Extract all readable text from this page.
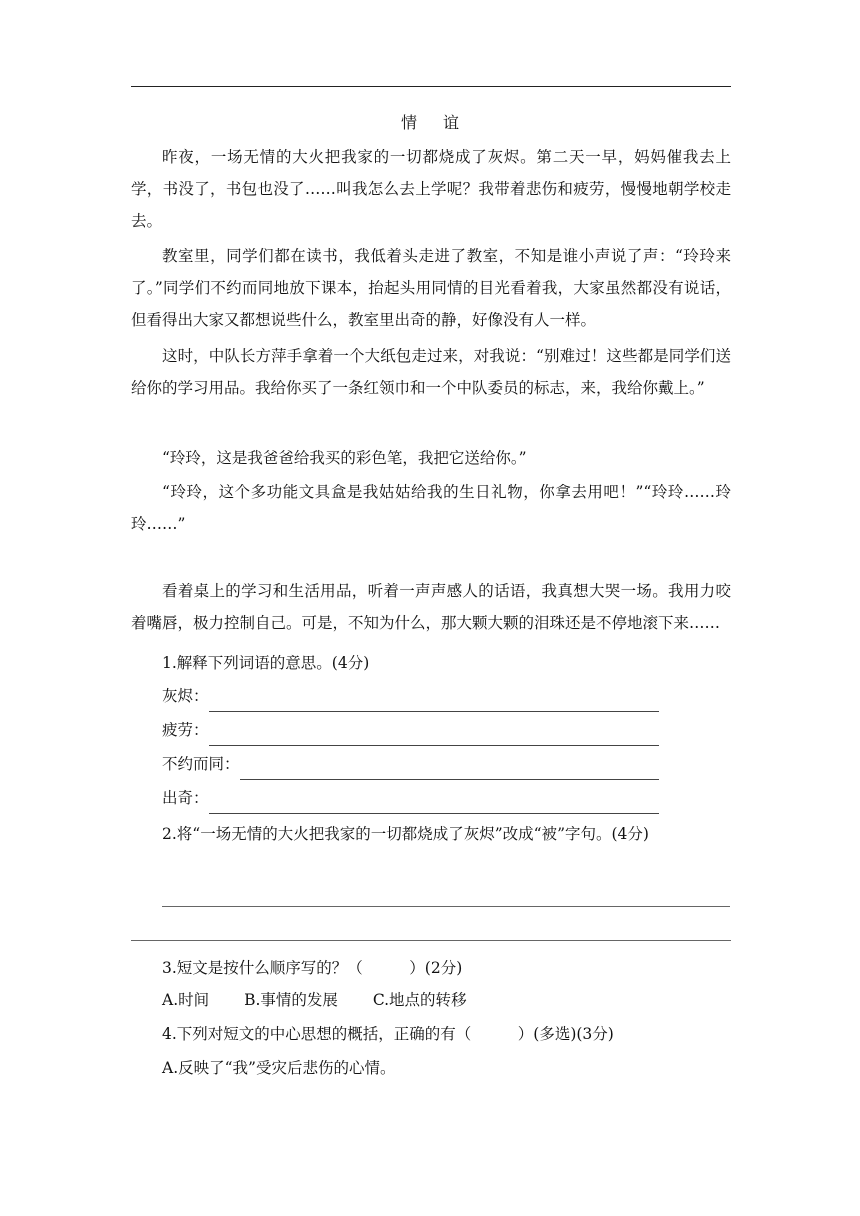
情谊

昨夜，一场无情的大火把我家的一切都烧成了灰烬。第二天一早，妈妈催我去上学，书没了，书包也没了……叫我怎么去上学呢？我带着悲伤和疲劳，慢慢地朝学校走去。

教室里，同学们都在读书，我低着头走进了教室，不知是谁小声说了声：“玲玲来了。”同学们不约而同地放下课本，抬起头用同情的目光看着我，大家虽然都没有说话，但看得出大家又都想说些什么，教室里出奇的静，好像没有人一样。

这时，中队长方萍手拿着一个大纸包走过来，对我说：“别难过！这些都是同学们送给你的学习用品。我给你买了一条红领巾和一个中队委员的标志，来，我给你戴上。”

“玲玲，这是我爸爸给我买的彩色笔，我把它送给你。”

“玲玲，这个多功能文具盒是我姑姑给我的生日礼物，你拿去用吧！”“玲玲……玲玲……”

看着桌上的学习和生活用品，听着一声声感人的话语，我真想大哭一场。我用力咬着嘴唇，极力控制自己。可是，不知为什么，那大颗大颗的泪珠还是不停地滚下来……

1.解释下列词语的意思。(4分)

灰烬：
疲劳：
不约而同：
出奇：

2.将“一场无情的大火把我家的一切都烧成了灰烬”改成“被”字句。(4分)

3.短文是按什么顺序写的？（　　　）(2分)

A.时间 B.事情的发展 C.地点的转移

4.下列对短文的中心思想的概括，正确的有（　　　）(多选)(3分)

A.反映了“我”受灾后悲伤的心情。
